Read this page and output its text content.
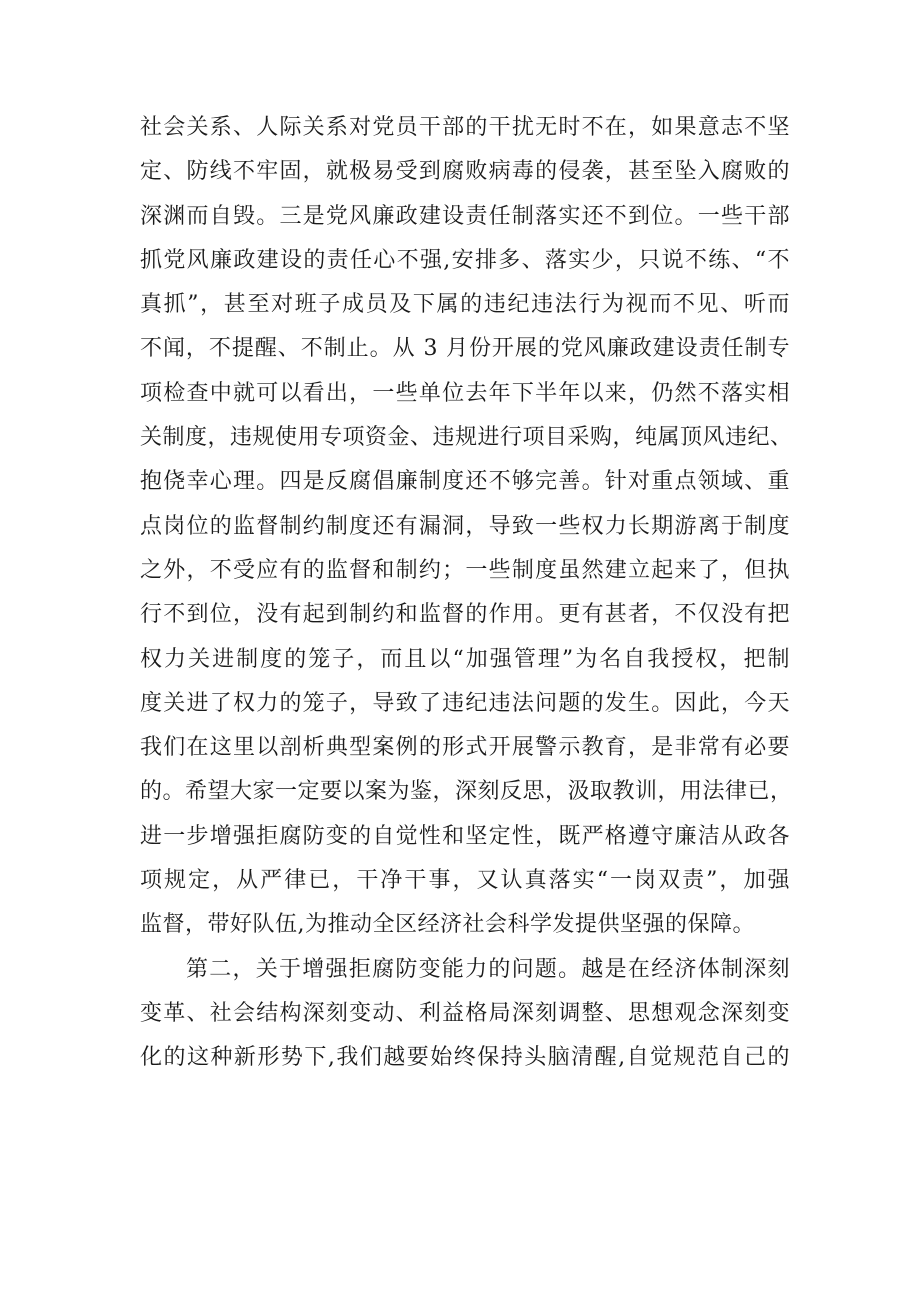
社会关系、人际关系对党员干部的干扰无时不在，如果意志不坚
定、防线不牢固，就极易受到腐败病毒的侵袭，甚至坠入腐败的
深渊而自毁。三是党风廉政建设责任制落实还不到位。一些干部
抓党风廉政建设的责任心不强,安排多、落实少，只说不练、“不
真抓”，甚至对班子成员及下属的违纪违法行为视而不见、听而
不闻，不提醒、不制止。从 3 月份开展的党风廉政建设责任制专
项检查中就可以看出，一些单位去年下半年以来，仍然不落实相
关制度，违规使用专项资金、违规进行项目采购，纯属顶风违纪、
抱侥幸心理。四是反腐倡廉制度还不够完善。针对重点领域、重
点岗位的监督制约制度还有漏洞，导致一些权力长期游离于制度
之外，不受应有的监督和制约；一些制度虽然建立起来了，但执
行不到位，没有起到制约和监督的作用。更有甚者，不仅没有把
权力关进制度的笼子，而且以“加强管理”为名自我授权，把制
度关进了权力的笼子，导致了违纪违法问题的发生。因此，今天
我们在这里以剖析典型案例的形式开展警示教育，是非常有必要
的。希望大家一定要以案为鉴，深刻反思，汲取教训，用法律已，
进一步增强拒腐防变的自觉性和坚定性，既严格遵守廉洁从政各
项规定，从严律已，干净干事，又认真落实“一岗双责”，加强
监督，带好队伍,为推动全区经济社会科学发提供坚强的保障。
第二，关于增强拒腐防变能力的问题。越是在经济体制深刻
变革、社会结构深刻变动、利益格局深刻调整、思想观念深刻变
化的这种新形势下,我们越要始终保持头脑清醒,自觉规范自己的
